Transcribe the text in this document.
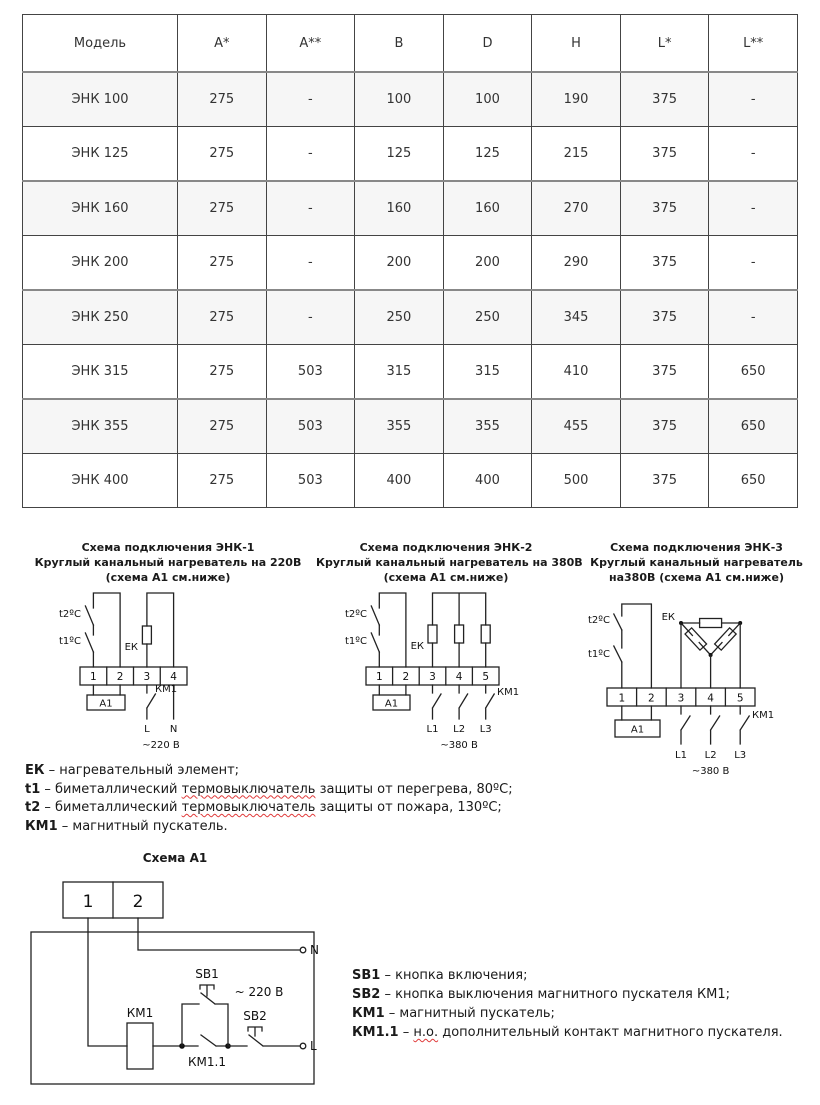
Модель	A*	A**	B	D	H	L*	L**
ЭНК 100	275	-	100	100	190	375	-
ЭНК 125	275	-	125	125	215	375	-
ЭНК 160	275	-	160	160	270	375	-
ЭНК 200	275	-	200	200	290	375	-
ЭНК 250	275	-	250	250	345	375	-
ЭНК 315	275	503	315	315	410	375	650
ЭНК 355	275	503	355	355	455	375	650
ЭНК 400	275	503	400	400	500	375	650
Схема подключения ЭНК-1
Круглый канальный нагреватель на 220В
(схема А1 см.ниже)
Схема подключения ЭНК-2
Круглый канальный нагреватель на 380В
(схема А1 см.ниже)
Схема подключения ЭНК-3
Круглый канальный нагреватель
на380В (схема А1 см.ниже)
t2ºC
t1ºC
ЕК
1 2 3 4
А1
КМ1
L N
~220 В
t2ºC
t1ºC	ЕК
1 2 3 4 5
А1
КМ1
L1 L2 L3
~380 В
t2ºC
t1ºC
ЕК
1 2 3 4 5
А1
КМ1
L1 L2 L3
~380 В
ЕК – нагревательный элемент;
t1 – биметаллический термовыключатель защиты от перегрева, 80ºС;
t2 – биметаллический термовыключатель защиты от пожара, 130ºС;
КМ1 – магнитный пускатель.
Схема А1
1 2
N
КМ1
КМ1.1
SB1
SB2
L
~ 220 В
SB1 – кнопка включения;
SB2 – кнопка выключения магнитного пускателя КМ1;
КМ1 – магнитный пускатель;
КМ1.1 – н.о. дополнительный контакт магнитного пускателя.
